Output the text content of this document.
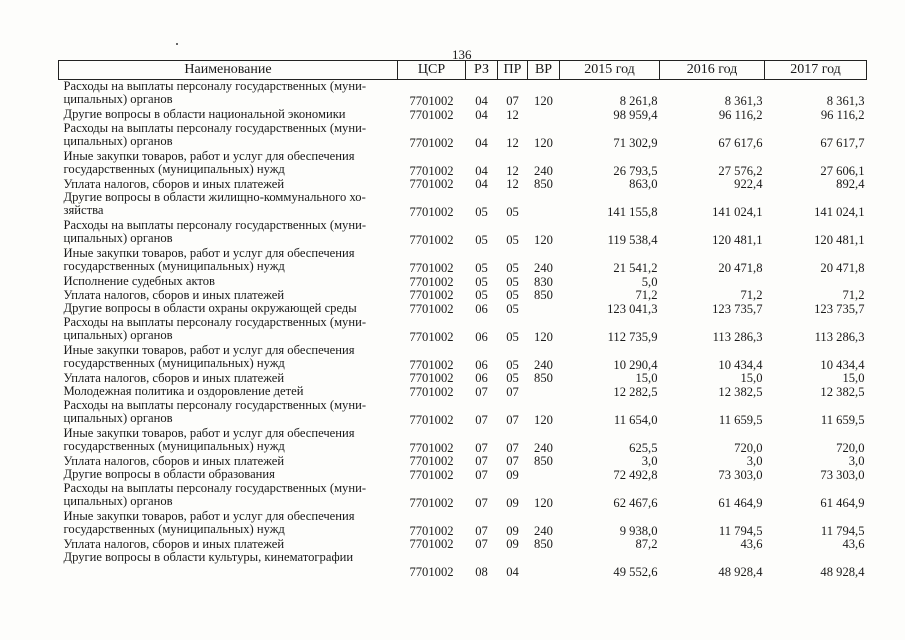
136
Наименование	ЦСР	РЗ	ПР	ВР	2015 год	2016 год	2017 год
Расходы на выплаты персоналу государственных (муни-ципальных) органов	7701002	04	07	120	8 261,8	8 361,3	8 361,3
Другие вопросы в области национальной экономики	7701002	04	12		98 959,4	96 116,2	96 116,2
Расходы на выплаты персоналу государственных (муни-ципальных) органов	7701002	04	12	120	71 302,9	67 617,6	67 617,7
Иные закупки товаров, работ и услуг для обеспечения государственных (муниципальных) нужд	7701002	04	12	240	26 793,5	27 576,2	27 606,1
Уплата налогов, сборов и иных платежей	7701002	04	12	850	863,0	922,4	892,4
Другие вопросы в области жилищно-коммунального хо-зяйства	7701002	05	05		141 155,8	141 024,1	141 024,1
Расходы на выплаты персоналу государственных (муни-ципальных) органов	7701002	05	05	120	119 538,4	120 481,1	120 481,1
Иные закупки товаров, работ и услуг для обеспечения государственных (муниципальных) нужд	7701002	05	05	240	21 541,2	20 471,8	20 471,8
Исполнение судебных актов	7701002	05	05	830	5,0		
Уплата налогов, сборов и иных платежей	7701002	05	05	850	71,2	71,2	71,2
Другие вопросы в области охраны окружающей среды	7701002	06	05		123 041,3	123 735,7	123 735,7
Расходы на выплаты персоналу государственных (муни-ципальных) органов	7701002	06	05	120	112 735,9	113 286,3	113 286,3
Иные закупки товаров, работ и услуг для обеспечения государственных (муниципальных) нужд	7701002	06	05	240	10 290,4	10 434,4	10 434,4
Уплата налогов, сборов и иных платежей	7701002	06	05	850	15,0	15,0	15,0
Молодежная политика и оздоровление детей	7701002	07	07		12 282,5	12 382,5	12 382,5
Расходы на выплаты персоналу государственных (муни-ципальных) органов	7701002	07	07	120	11 654,0	11 659,5	11 659,5
Иные закупки товаров, работ и услуг для обеспечения государственных (муниципальных) нужд	7701002	07	07	240	625,5	720,0	720,0
Уплата налогов, сборов и иных платежей	7701002	07	07	850	3,0	3,0	3,0
Другие вопросы в области образования	7701002	07	09		72 492,8	73 303,0	73 303,0
Расходы на выплаты персоналу государственных (муни-ципальных) органов	7701002	07	09	120	62 467,6	61 464,9	61 464,9
Иные закупки товаров, работ и услуг для обеспечения государственных (муниципальных) нужд	7701002	07	09	240	9 938,0	11 794,5	11 794,5
Уплата налогов, сборов и иных платежей	7701002	07	09	850	87,2	43,6	43,6
Другие вопросы в области культуры, кинематографии	7701002	08	04		49 552,6	48 928,4	48 928,4
